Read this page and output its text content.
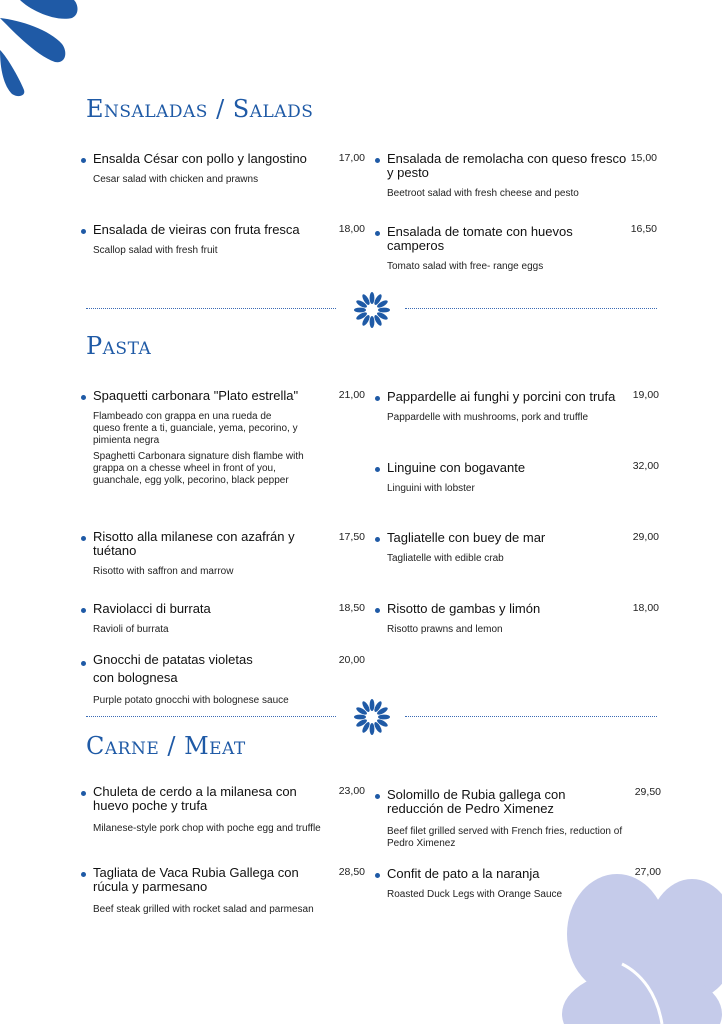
Ensaladas / Salads
Ensalda César con pollo y langostino
Cesar salad with chicken and prawns
17,00 Ensalada de remolacha con queso fresco y pesto
Beetroot salad with fresh cheese and pesto
15,00
Ensalada de vieiras con fruta fresca
Scallop salad with fresh fruit
18,00 Ensalada de tomate con huevos camperos
Tomato salad with free- range eggs
16,50
Pasta
Spaquetti carbonara "Plato estrella"
Flambeado con grappa en una rueda de queso frente a ti, guanciale, yema, pecorino, y pimienta negra
Spaghetti Carbonara signature dish flambe with grappa on a chesse wheel in front of you, guanchale, egg yolk, pecorino, black pepper
21,00 Pappardelle ai funghi y porcini con trufa
Pappardelle with mushrooms, pork and truffle
19,00
Linguine con bogavante
Linguini with lobster
32,00
Risotto alla milanese con azafrán y tuétano
Risotto with saffron and marrow
17,50 Tagliatelle con buey de mar
Tagliatelle with edible crab
29,00
Raviolacci di burrata
Ravioli of burrata
18,50 Risotto de gambas y limón
Risotto prawns and lemon
18,00
Gnocchi de patatas violetas con bolognesa
Purple potato gnocchi with bolognese sauce
20,00
Carne / Meat
Chuleta de cerdo a la milanesa con huevo poche y trufa
Milanese-style pork chop with poche egg and truffle
23,00 Solomillo de Rubia gallega con reducción de Pedro Ximenez
Beef filet grilled served with French fries, reduction of Pedro Ximenez
29,50
Tagliata de Vaca Rubia Gallega con rúcula y parmesano
Beef steak grilled with rocket salad and parmesan
28,50 Confit de pato a la naranja
Roasted Duck Legs with Orange Sauce
27,00
